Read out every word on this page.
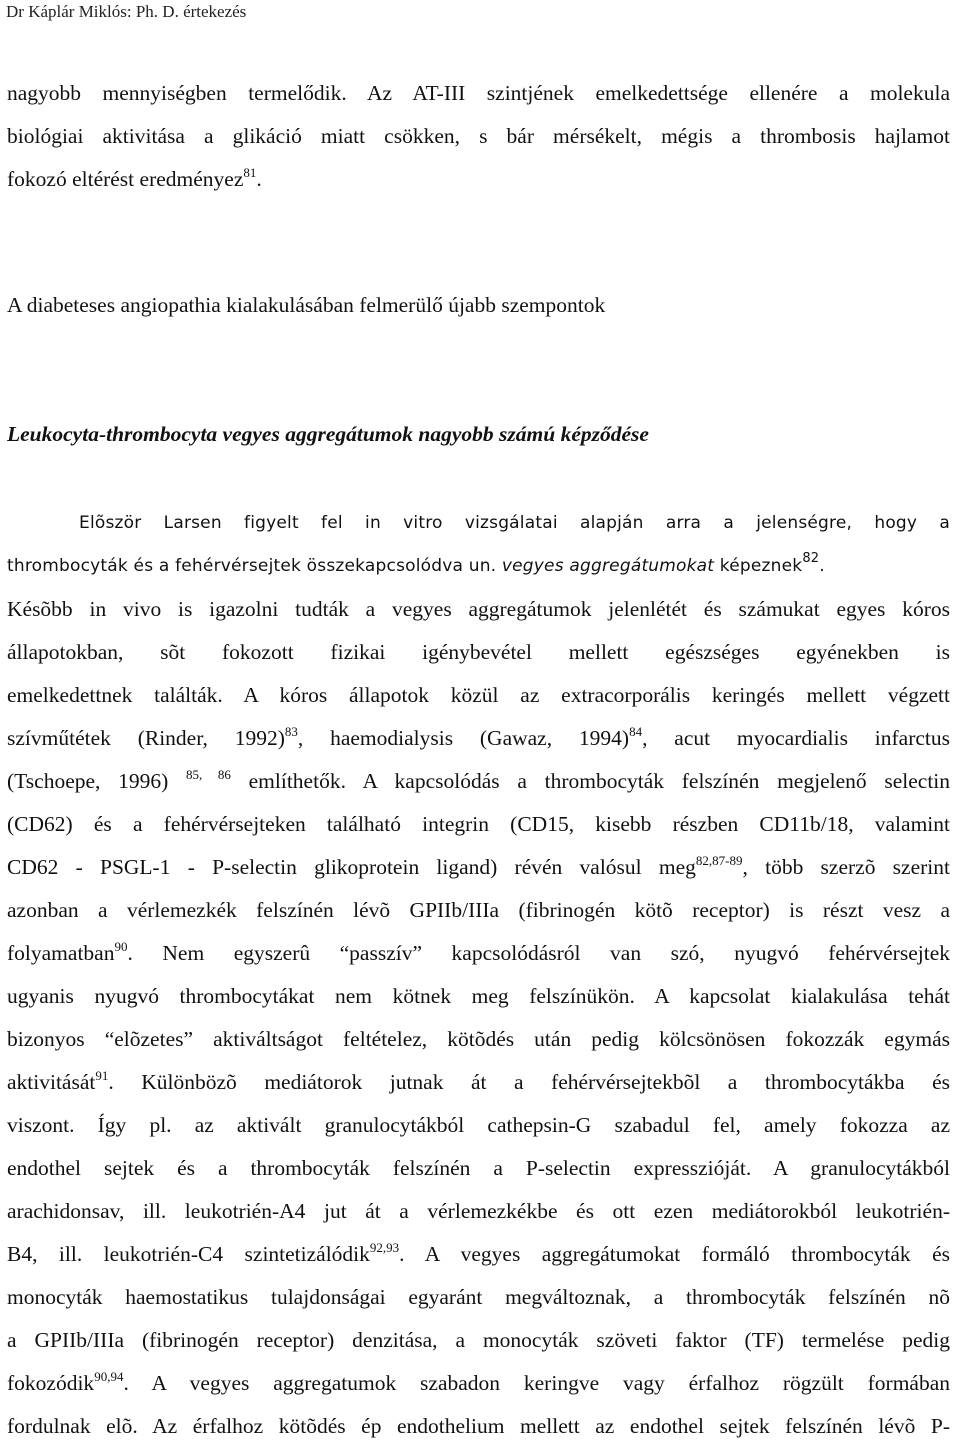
Dr Káplár Miklós: Ph. D. értekezés
nagyobb mennyiségben termelődik. Az AT-III szintjének emelkedettsége ellenére a molekula
biológiai aktivitása a glikáció miatt csökken, s bár mérsékelt, mégis a thrombosis hajlamot
fokozó eltérést eredményez$^{81}$.
A diabeteses angiopathia kialakulásában felmerülő újabb szempontok
Leukocyta-thrombocyta vegyes aggregátumok nagyobb számú képződése
Elõször Larsen figyelt fel in vitro vizsgálatai alapján arra a jelenségre, hogy a
thrombocyták és a fehérvérsejtek összekapcsolódva un. vegyes aggregátumokat képeznek$^{82}$.
Késõbb in vivo is igazolni tudták a vegyes aggregátumok jelenlétét és számukat egyes kóros
állapotokban, sõt fokozott fizikai igénybevétel mellett egészséges egyénekben is
emelkedettnek találták. A kóros állapotok közül az extracorporális keringés mellett végzett
szívműtétek (Rinder, 1992)$^{83}$, haemodialysis (Gawaz, 1994)$^{84}$, acut myocardialis infarctus
(Tschoepe, 1996) $^{85, 86}$ említhetők. A kapcsolódás a thrombocyták felszínén megjelenő selectin
(CD62) és a fehérvérsejteken található integrin (CD15, kisebb részben CD11b/18, valamint
CD62 - PSGL-1 - P-selectin glikoprotein ligand) révén valósul meg$^{82,87-89}$, több szerzõ szerint
azonban a vérlemezkék felszínén lévõ GPIIb/IIIa (fibrinogén kötõ receptor) is részt vesz a
folyamatban$^{90}$. Nem egyszerû “passzív” kapcsolódásról van szó, nyugvó fehérvérsejtek
ugyanis nyugvó thrombocytákat nem kötnek meg felszínükön. A kapcsolat kialakulása tehát
bizonyos “elõzetes” aktiváltságot feltételez, kötõdés után pedig kölcsönösen fokozzák egymás
aktivitását$^{91}$. Különbözõ mediátorok jutnak át a fehérvérsejtekbõl a thrombocytákba és
viszont. Így pl. az aktivált granulocytákból cathepsin-G szabadul fel, amely fokozza az
endothel sejtek és a thrombocyták felszínén a P-selectin expresszióját. A granulocytákból
arachidonsav, ill. leukotrién-A4 jut át a vérlemezkékbe és ott ezen mediátorokból leukotrién-
B4, ill. leukotrién-C4 szintetizálódik$^{92,93}$. A vegyes aggregátumokat formáló thrombocyták és
monocyták haemostatikus tulajdonságai egyaránt megváltoznak, a thrombocyták felszínén nõ
a GPIIb/IIIa (fibrinogén receptor) denzitása, a monocyták szöveti faktor (TF) termelése pedig
fokozódik$^{90,94}$. A vegyes aggregatumok szabadon keringve vagy érfalhoz rögzült formában
fordulnak elõ. Az érfalhoz kötõdés ép endothelium mellett az endothel sejtek felszínén lévõ P-
